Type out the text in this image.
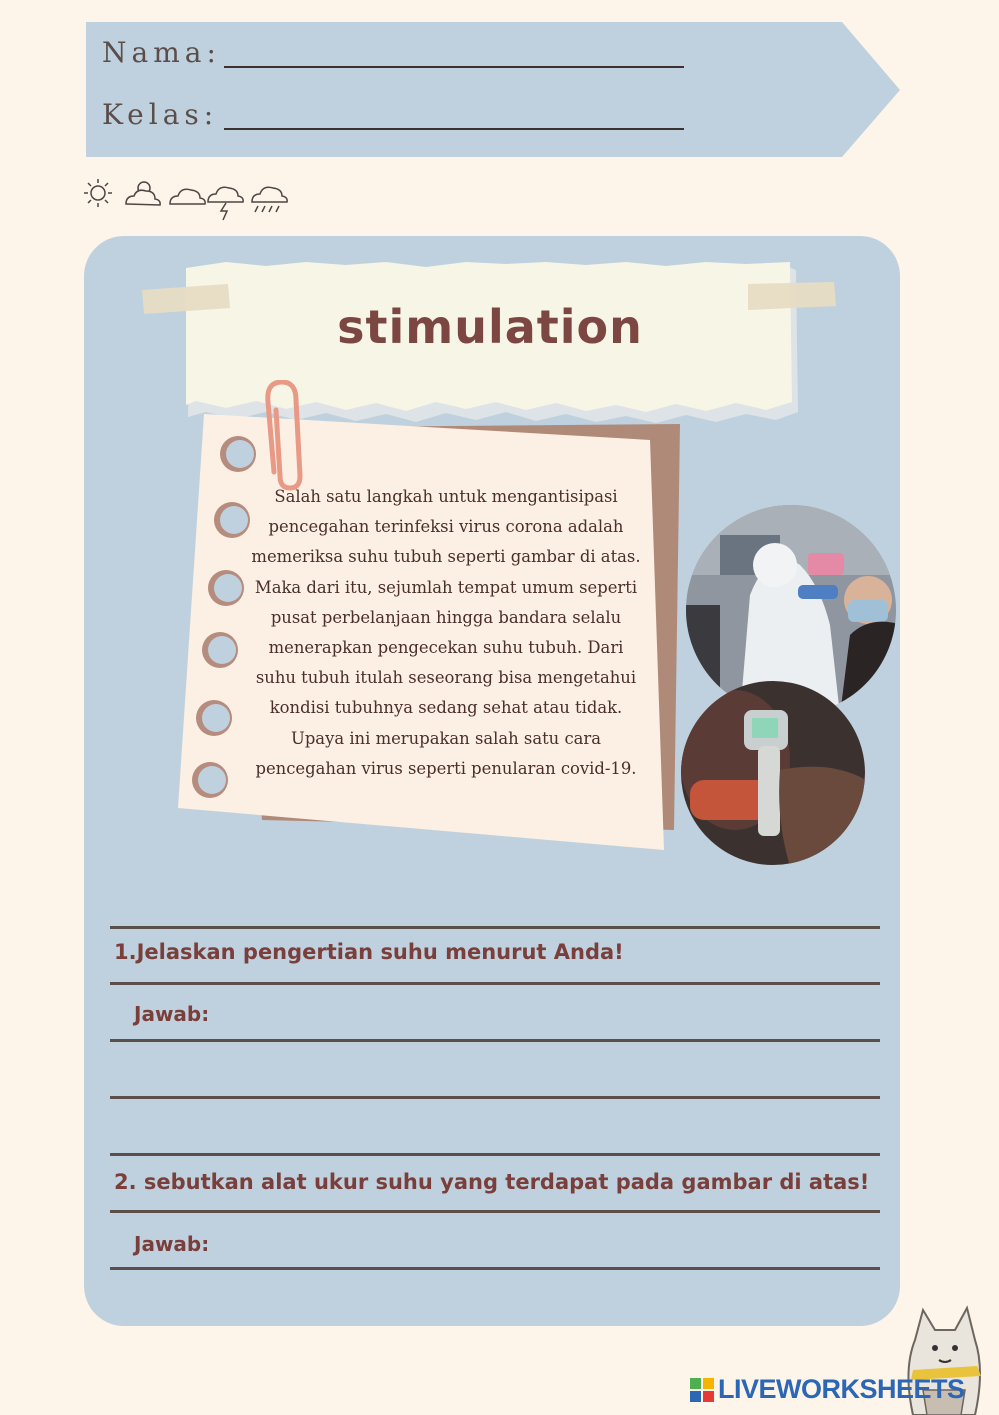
Nama:
Kelas:
stimulation
Salah satu langkah untuk mengantisipasi pencegahan terinfeksi virus corona adalah memeriksa suhu tubuh seperti gambar di atas. Maka dari itu, sejumlah tempat umum seperti pusat perbelanjaan hingga bandara selalu menerapkan pengecekan suhu tubuh. Dari suhu tubuh itulah seseorang bisa mengetahui kondisi tubuhnya sedang sehat atau tidak. Upaya ini merupakan salah satu cara pencegahan virus seperti penularan covid-19.
1.Jelaskan pengertian suhu menurut Anda!
Jawab:
2. sebutkan alat ukur suhu yang terdapat pada gambar di atas!
Jawab:
LIVEWORKSHEETS
